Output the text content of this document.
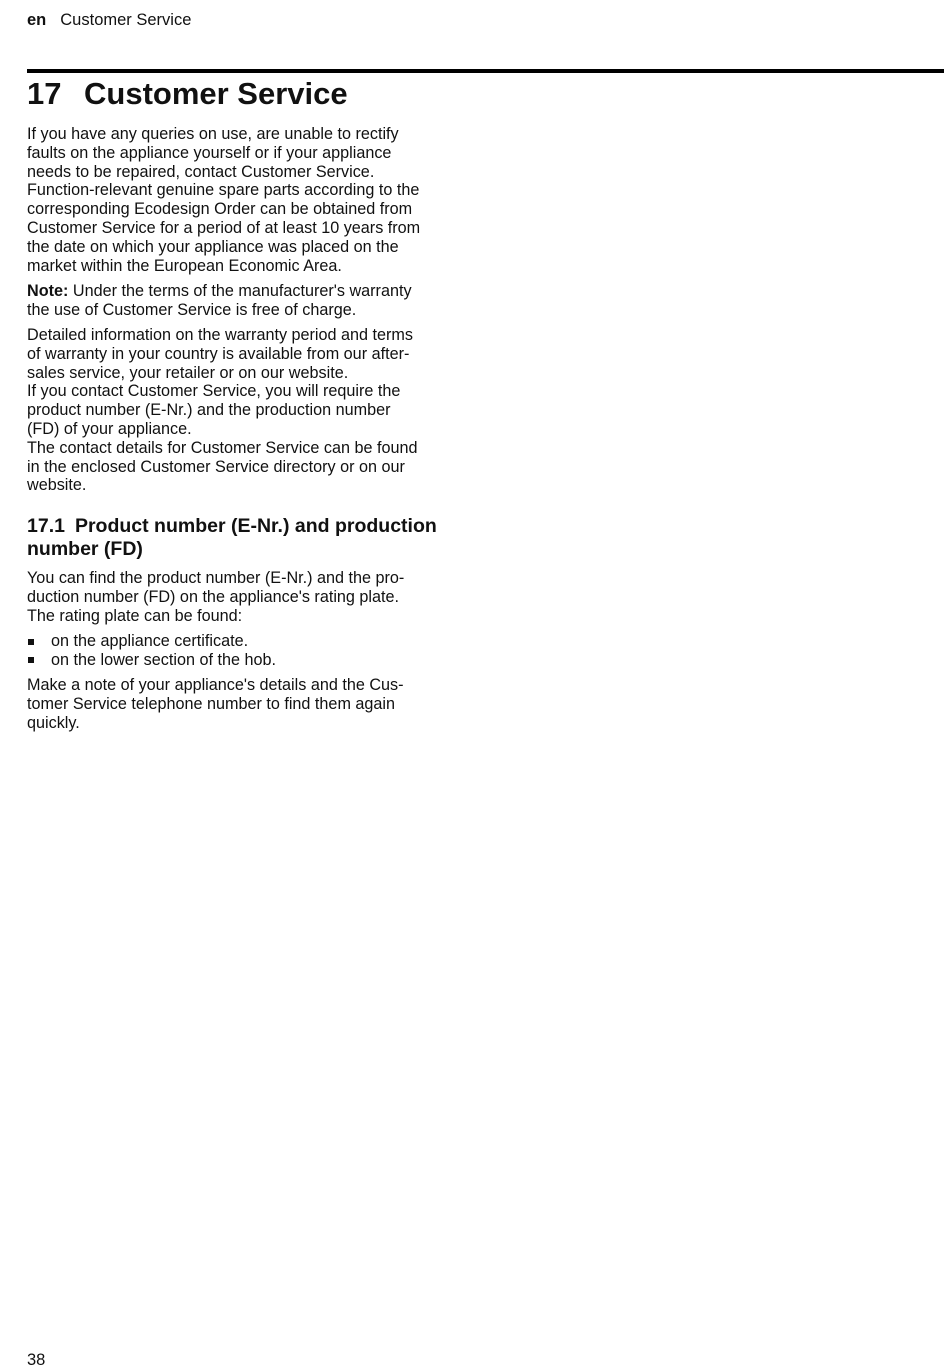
en Customer Service
17 Customer Service

If you have any queries on use, are unable to rectify
faults on the appliance yourself or if your appliance
needs to be repaired, contact Customer Service.
Function-relevant genuine spare parts according to the
corresponding Ecodesign Order can be obtained from
Customer Service for a period of at least 10 years from
the date on which your appliance was placed on the
market within the European Economic Area.

Note: Under the terms of the manufacturer's warranty
the use of Customer Service is free of charge.

Detailed information on the warranty period and terms
of warranty in your country is available from our after-
sales service, your retailer or on our website.
If you contact Customer Service, you will require the
product number (E-Nr.) and the production number
(FD) of your appliance.
The contact details for Customer Service can be found
in the enclosed Customer Service directory or on our
website.

17.1 Product number (E-Nr.) and production number (FD)

You can find the product number (E-Nr.) and the pro-
duction number (FD) on the appliance's rating plate.
The rating plate can be found:

on the appliance certificate.
on the lower section of the hob.

Make a note of your appliance's details and the Cus-
tomer Service telephone number to find them again
quickly.

38
